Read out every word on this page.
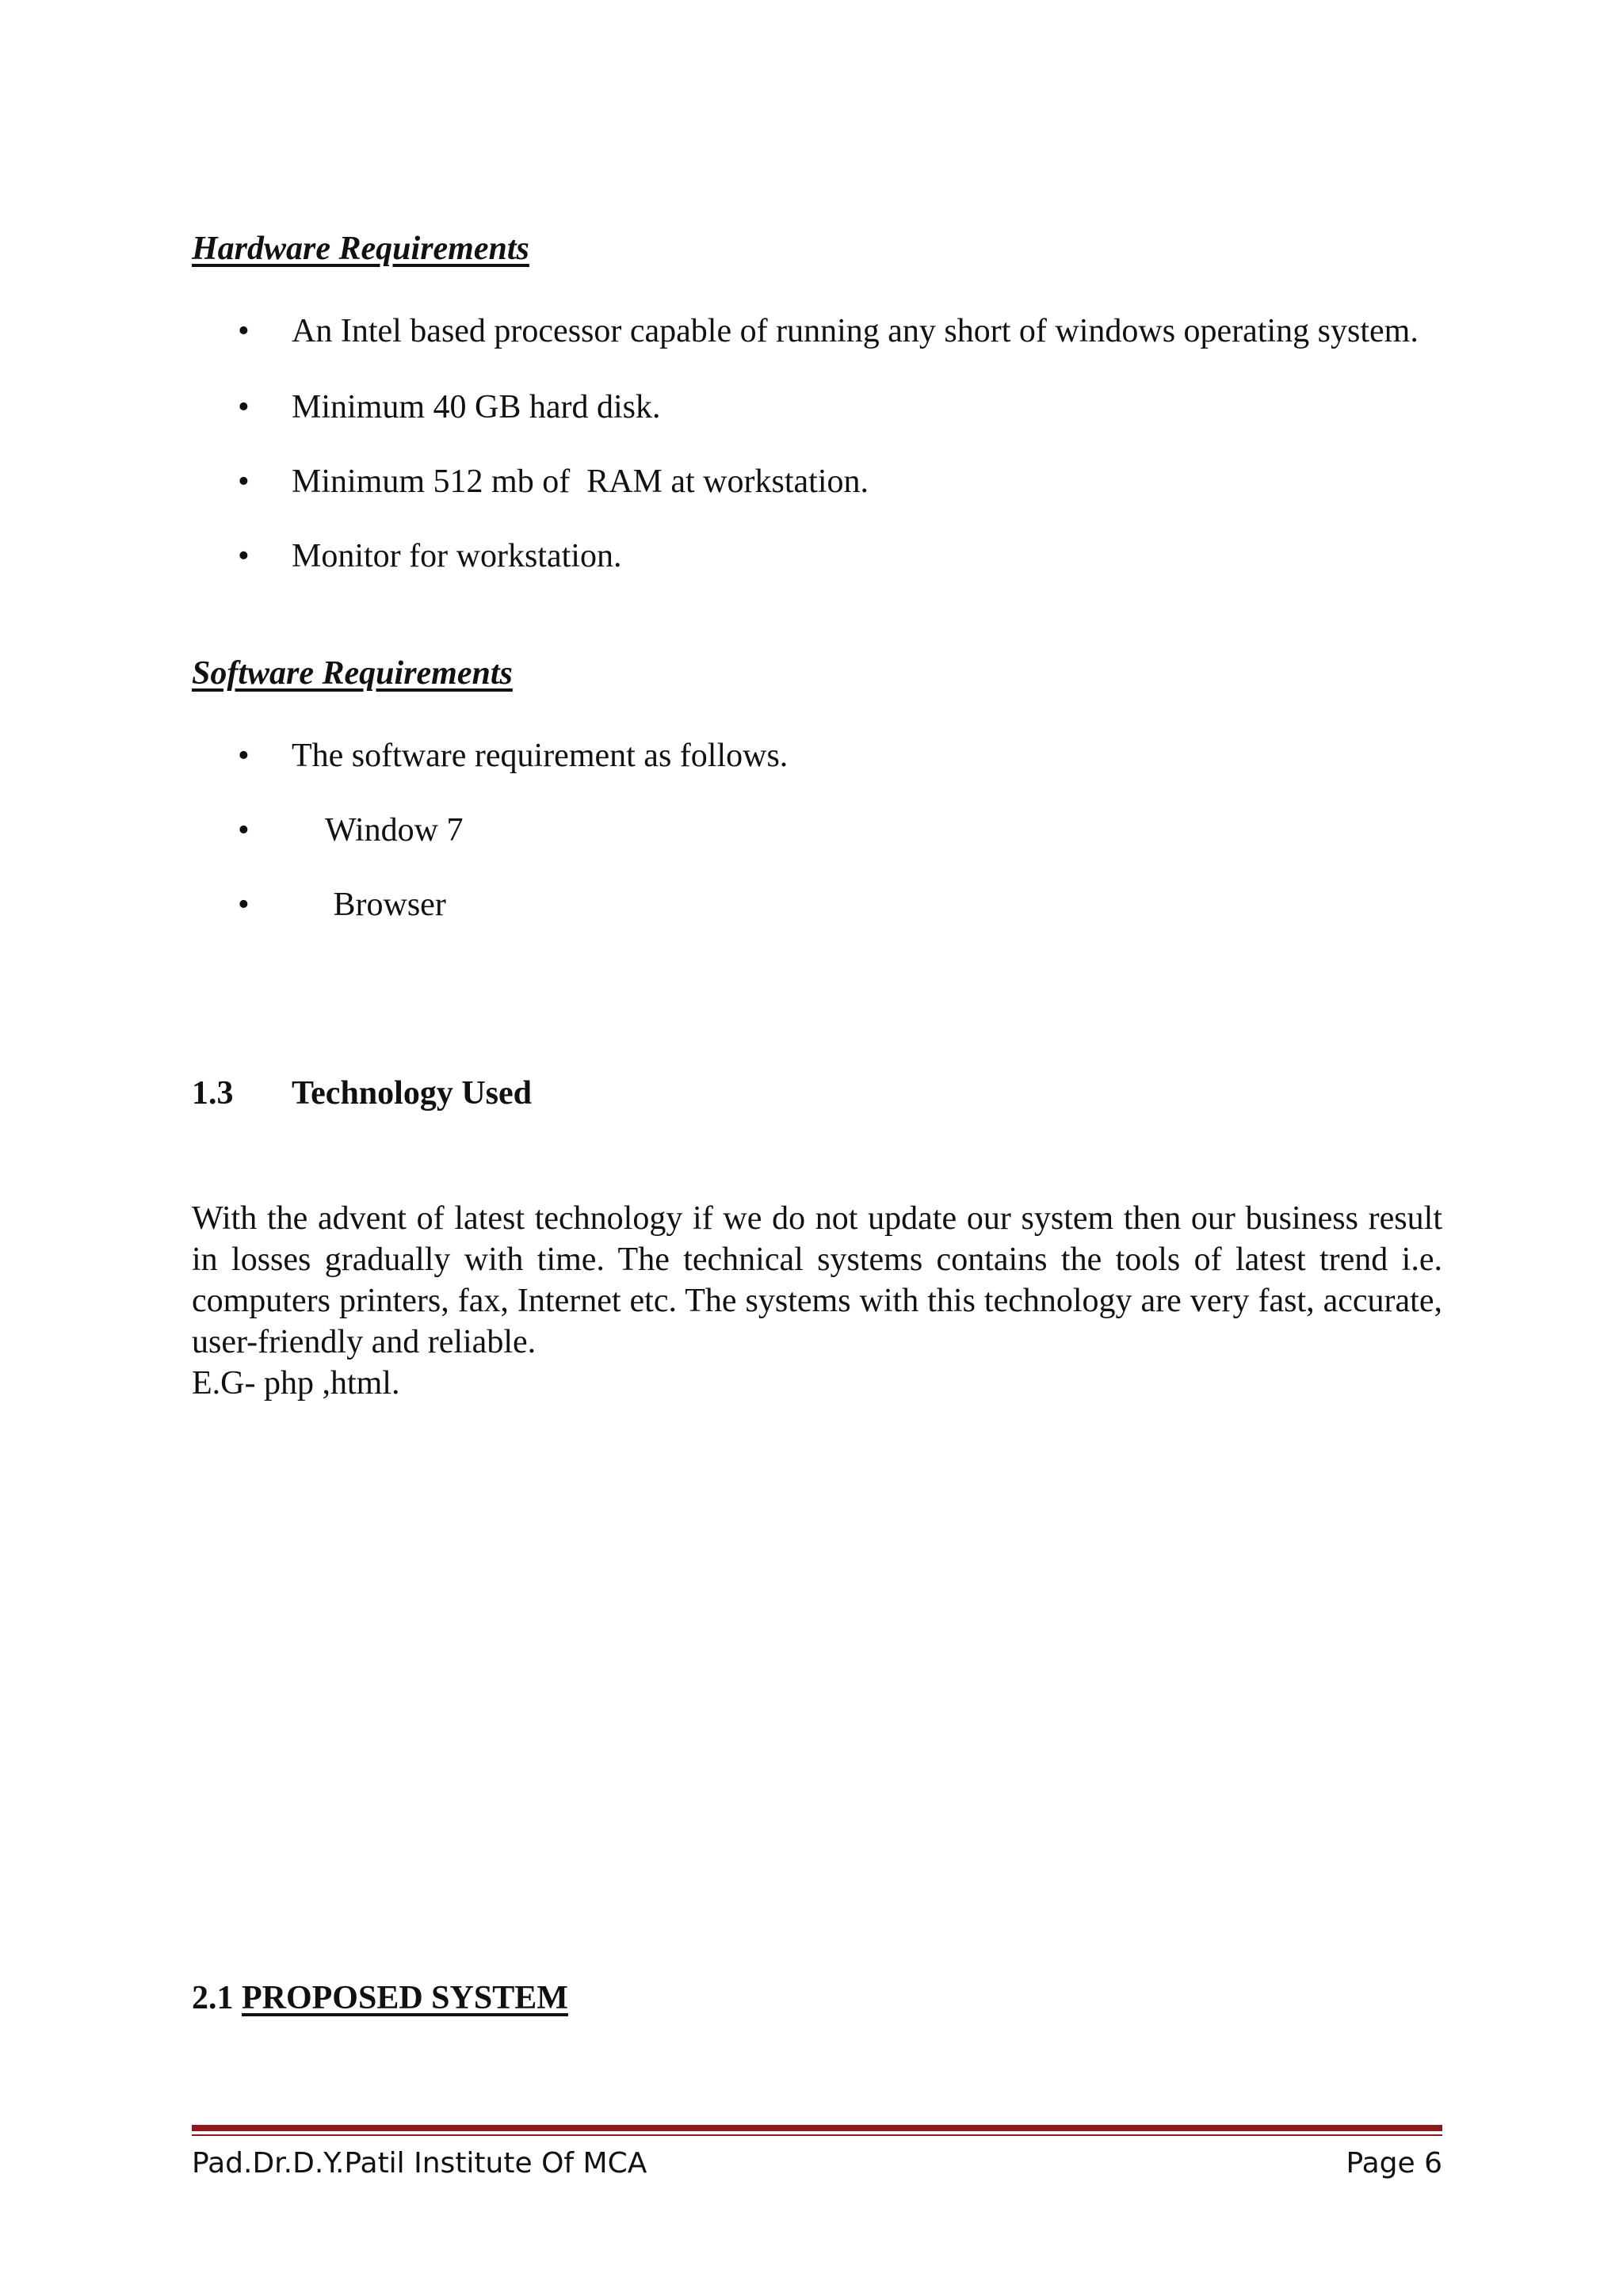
Hardware Requirements
• An Intel based processor capable of running any short of windows operating system.
• Minimum 40 GB hard disk.
• Minimum 512 mb of  RAM at workstation.
• Monitor for workstation.
Software Requirements
• The software requirement as follows.
• Window 7
• Browser
1.3 Technology Used

With the advent of latest technology if we do not update our system then our business result in losses gradually with time. The technical systems contains the tools of latest trend i.e. computers printers, fax, Internet etc. The systems with this technology are very fast, accurate, user-friendly and reliable.

E.G- php ,html.
2.1 PROPOSED SYSTEM
Pad.Dr.D.Y.Patil Institute Of MCA	Page 6
